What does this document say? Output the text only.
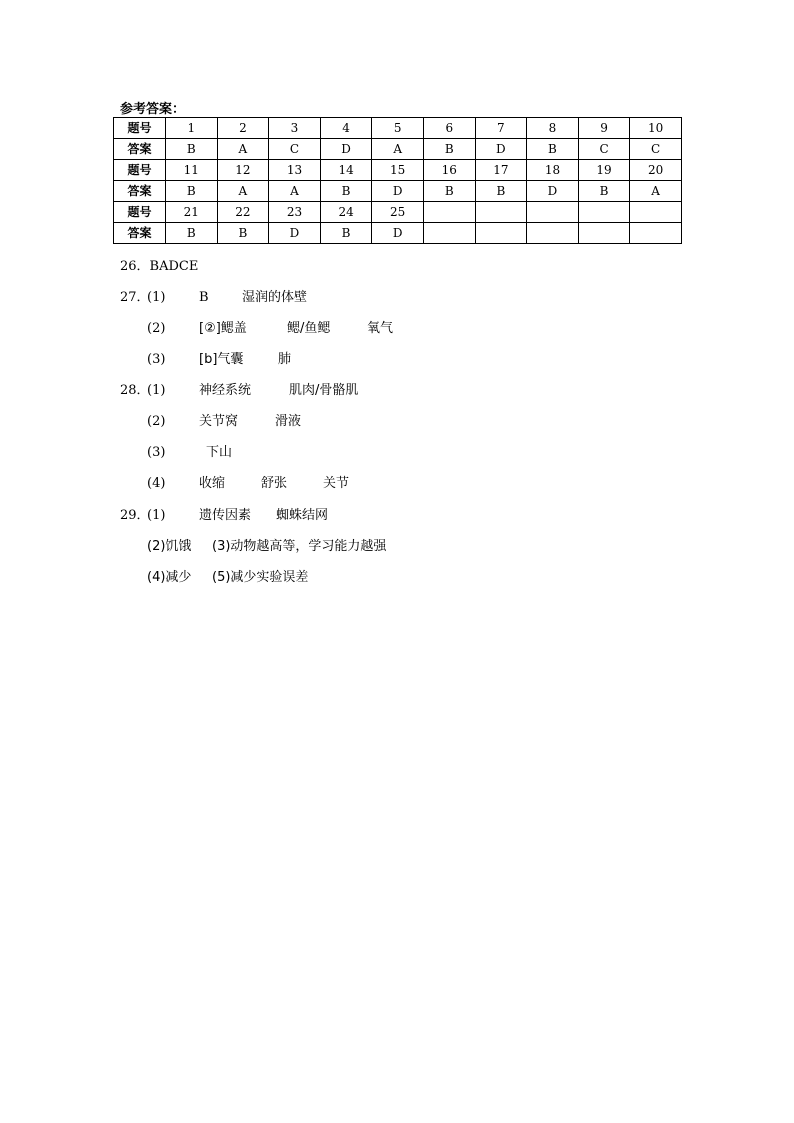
参考答案：
题号	1	2	3	4	5	6	7	8	9	10
答案	B	A	C	D	A	B	D	B	C	C
题号	11	12	13	14	15	16	17	18	19	20
答案	B	A	A	B	D	B	B	D	B	A
题号	21	22	23	24	25					
答案	B	B	D	B	D					
26．BADCE
27．(1)	B	湿润的体壁
(2)	[②]鳃盖	鳃/鱼鳃	氧气
(3)	[b]气囊	肺
28．(1)	神经系统	肌肉/骨骼肌
(2)	关节窝	滑液
(3)	下山
(4)	收缩	舒张	关节
29．(1)	遗传因素 蜘蛛结网
(2)饥饿 (3)动物越高等，学习能力越强
(4)减少 (5)减少实验误差
